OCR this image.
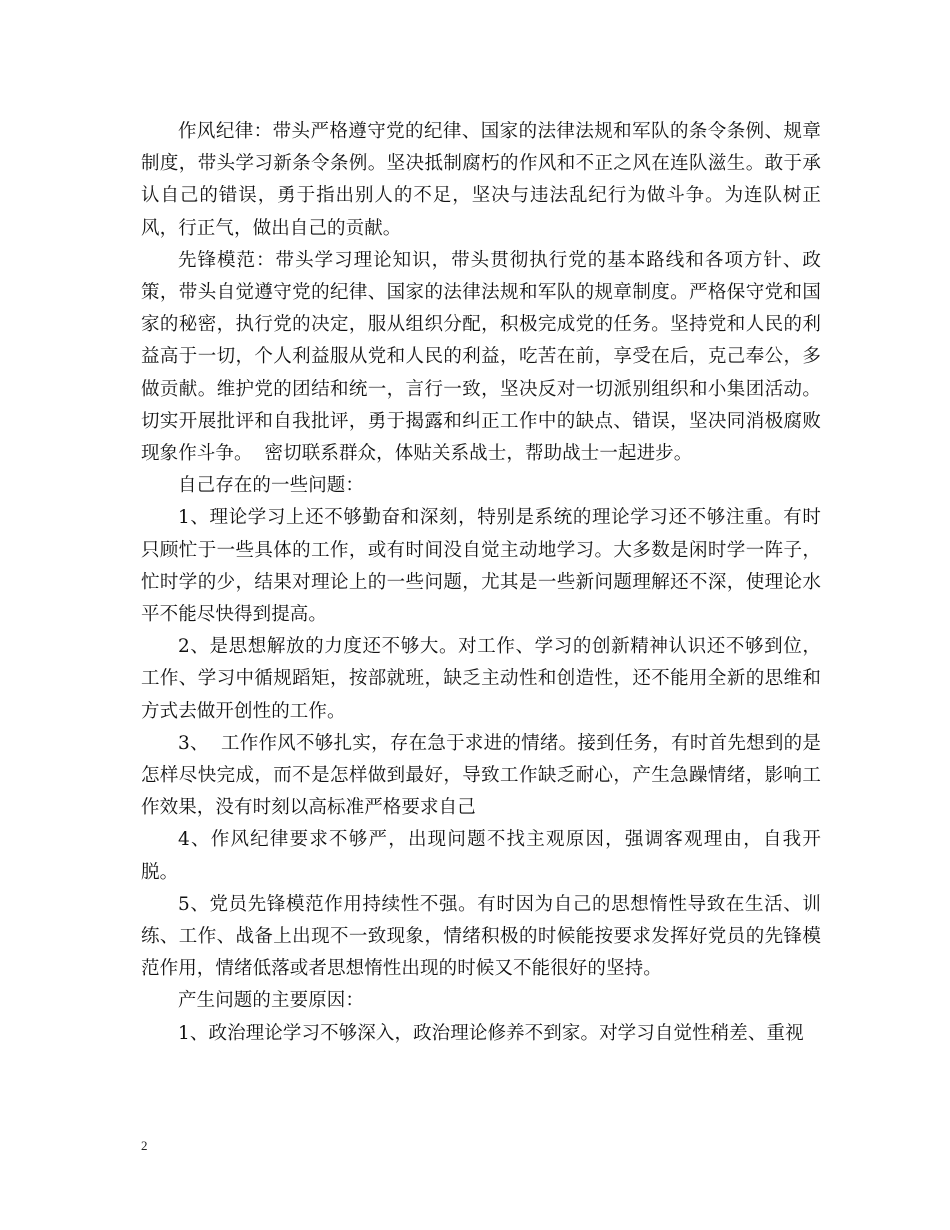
作风纪律：带头严格遵守党的纪律、国家的法律法规和军队的条令条例、规章制度，带头学习新条令条例。坚决抵制腐朽的作风和不正之风在连队滋生。敢于承认自己的错误，勇于指出别人的不足，坚决与违法乱纪行为做斗争。为连队树正风，行正气，做出自己的贡献。

先锋模范：带头学习理论知识，带头贯彻执行党的基本路线和各项方针、政策，带头自觉遵守党的纪律、国家的法律法规和军队的规章制度。严格保守党和国家的秘密，执行党的决定，服从组织分配，积极完成党的任务。坚持党和人民的利益高于一切，个人利益服从党和人民的利益，吃苦在前，享受在后，克己奉公，多做贡献。维护党的团结和统一，言行一致，坚决反对一切派别组织和小集团活动。切实开展批评和自我批评，勇于揭露和纠正工作中的缺点、错误，坚决同消极腐败现象作斗争。  密切联系群众，体贴关系战士，帮助战士一起进步。

自己存在的一些问题：

1、理论学习上还不够勤奋和深刻，特别是系统的理论学习还不够注重。有时只顾忙于一些具体的工作，或有时间没自觉主动地学习。大多数是闲时学一阵子，忙时学的少，结果对理论上的一些问题，尤其是一些新问题理解还不深，使理论水平不能尽快得到提高。

2、是思想解放的力度还不够大。对工作、学习的创新精神认识还不够到位，工作、学习中循规蹈矩，按部就班，缺乏主动性和创造性，还不能用全新的思维和方式去做开创性的工作。

3、  工作作风不够扎实，存在急于求进的情绪。接到任务，有时首先想到的是怎样尽快完成，而不是怎样做到最好，导致工作缺乏耐心，产生急躁情绪，影响工作效果，没有时刻以高标准严格要求自己

4、作风纪律要求不够严，出现问题不找主观原因，强调客观理由，自我开脱。

5、党员先锋模范作用持续性不强。有时因为自己的思想惰性导致在生活、训练、工作、战备上出现不一致现象，情绪积极的时候能按要求发挥好党员的先锋模范作用，情绪低落或者思想惰性出现的时候又不能很好的坚持。

产生问题的主要原因：

1、政治理论学习不够深入，政治理论修养不到家。对学习自觉性稍差、重视

2
